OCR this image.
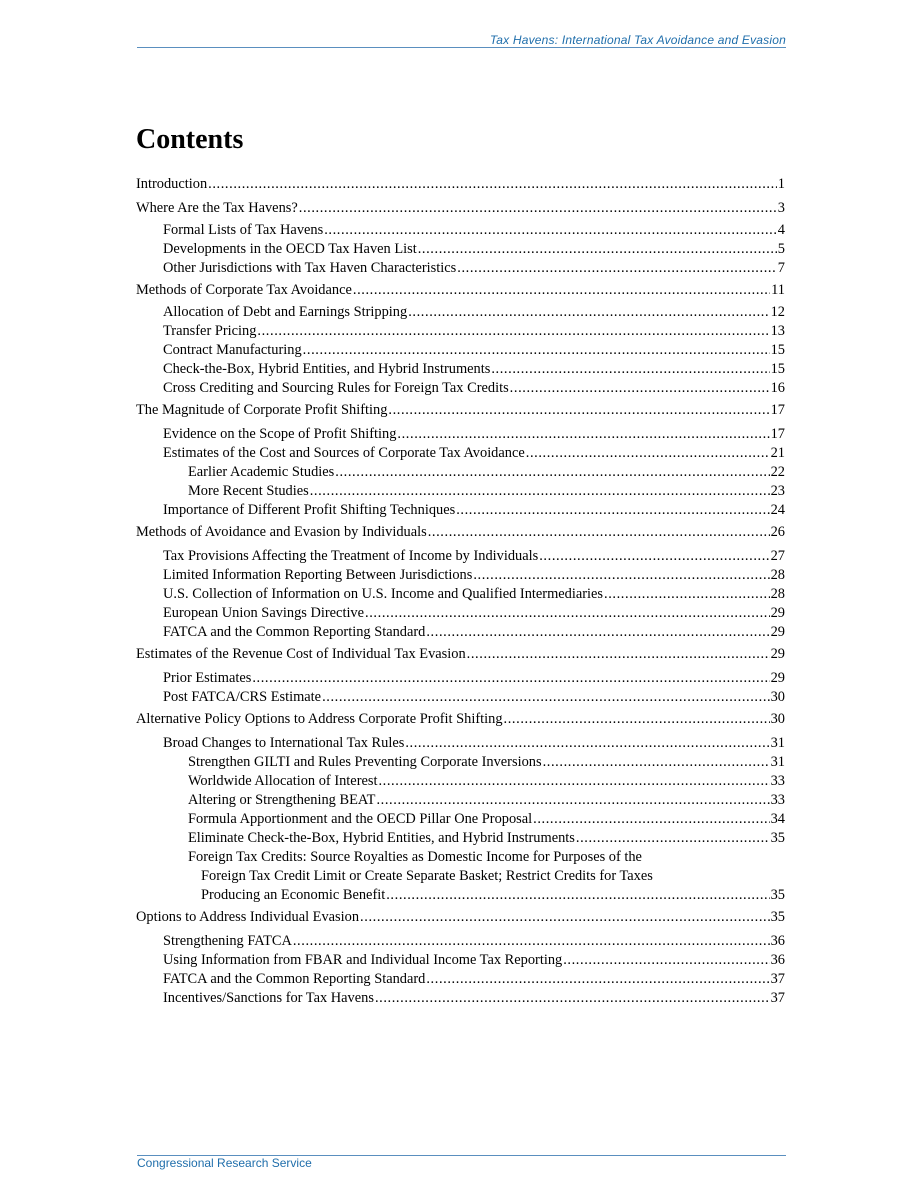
Tax Havens: International Tax Avoidance and Evasion
Contents
Introduction .....	1
Where Are the Tax Havens? .....	3
Formal Lists of Tax Havens .....	4
Developments in the OECD Tax Haven List .....	5
Other Jurisdictions with Tax Haven Characteristics .....	7
Methods of Corporate Tax Avoidance .....	11
Allocation of Debt and Earnings Stripping .....	12
Transfer Pricing .....	13
Contract Manufacturing .....	15
Check-the-Box, Hybrid Entities, and Hybrid Instruments .....	15
Cross Crediting and Sourcing Rules for Foreign Tax Credits .....	16
The Magnitude of Corporate Profit Shifting .....	17
Evidence on the Scope of Profit Shifting .....	17
Estimates of the Cost and Sources of Corporate Tax Avoidance .....	21
Earlier Academic Studies .....	22
More Recent Studies .....	23
Importance of Different Profit Shifting Techniques .....	24
Methods of Avoidance and Evasion by Individuals .....	26
Tax Provisions Affecting the Treatment of Income by Individuals .....	27
Limited Information Reporting Between Jurisdictions .....	28
U.S. Collection of Information on U.S. Income and Qualified Intermediaries .....	28
European Union Savings Directive .....	29
FATCA and the Common Reporting Standard .....	29
Estimates of the Revenue Cost of Individual Tax Evasion .....	29
Prior Estimates .....	29
Post FATCA/CRS Estimate .....	30
Alternative Policy Options to Address Corporate Profit Shifting .....	30
Broad Changes to International Tax Rules .....	31
Strengthen GILTI and Rules Preventing Corporate Inversions .....	31
Worldwide Allocation of Interest .....	33
Altering or Strengthening BEAT .....	33
Formula Apportionment and the OECD Pillar One Proposal .....	34
Eliminate Check-the-Box, Hybrid Entities, and Hybrid Instruments .....	35
Foreign Tax Credits: Source Royalties as Domestic Income for Purposes of the
Foreign Tax Credit Limit or Create Separate Basket; Restrict Credits for Taxes
Producing an Economic Benefit .....	35
Options to Address Individual Evasion .....	35
Strengthening FATCA .....	36
Using Information from FBAR and Individual Income Tax Reporting .....	36
FATCA and the Common Reporting Standard .....	37
Incentives/Sanctions for Tax Havens .....	37
Congressional Research Service
